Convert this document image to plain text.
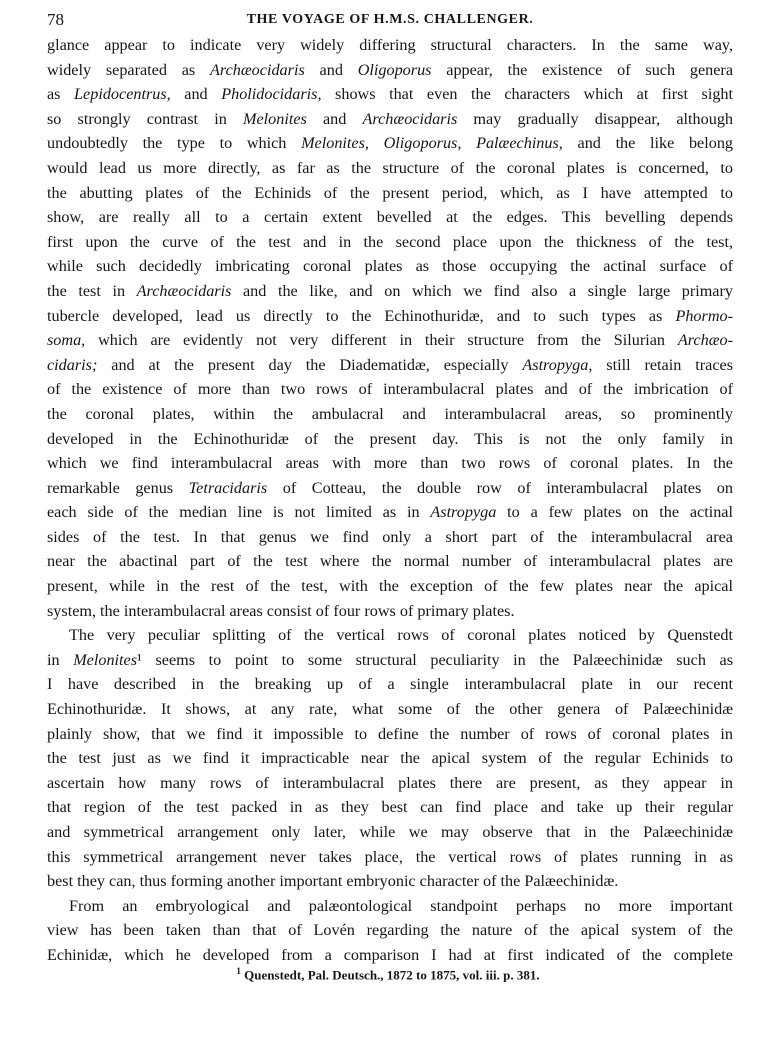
78	THE VOYAGE OF H.M.S. CHALLENGER.
glance appear to indicate very widely differing structural characters. In the same way,
widely separated as Archæocidaris and Oligoporus appear, the existence of such genera
as Lepidocentrus, and Pholidocidaris, shows that even the characters which at first sight
so strongly contrast in Melonites and Archæocidaris may gradually disappear, although
undoubtedly the type to which Melonites, Oligoporus, Palæechinus, and the like belong
would lead us more directly, as far as the structure of the coronal plates is concerned, to
the abutting plates of the Echinids of the present period, which, as I have attempted to
show, are really all to a certain extent bevelled at the edges. This bevelling depends
first upon the curve of the test and in the second place upon the thickness of the test,
while such decidedly imbricating coronal plates as those occupying the actinal surface of
the test in Archæocidaris and the like, and on which we find also a single large primary
tubercle developed, lead us directly to the Echinothuridæ, and to such types as Phormo-
soma, which are evidently not very different in their structure from the Silurian Archæo-
cidaris; and at the present day the Diadematidæ, especially Astropyga, still retain traces
of the existence of more than two rows of interambulacral plates and of the imbrication of
the coronal plates, within the ambulacral and interambulacral areas, so prominently
developed in the Echinothuridæ of the present day. This is not the only family in
which we find interambulacral areas with more than two rows of coronal plates. In the
remarkable genus Tetracidaris of Cotteau, the double row of interambulacral plates on
each side of the median line is not limited as in Astropyga to a few plates on the actinal
sides of the test. In that genus we find only a short part of the interambulacral area
near the abactinal part of the test where the normal number of interambulacral plates are
present, while in the rest of the test, with the exception of the few plates near the apical
system, the interambulacral areas consist of four rows of primary plates.
The very peculiar splitting of the vertical rows of coronal plates noticed by Quenstedt
in Melonites¹ seems to point to some structural peculiarity in the Palæechinidæ such as
I have described in the breaking up of a single interambulacral plate in our recent
Echinothuridæ. It shows, at any rate, what some of the other genera of Palæechinidæ
plainly show, that we find it impossible to define the number of rows of coronal plates in
the test just as we find it impracticable near the apical system of the regular Echinids to
ascertain how many rows of interambulacral plates there are present, as they appear in
that region of the test packed in as they best can find place and take up their regular
and symmetrical arrangement only later, while we may observe that in the Palæechinidæ
this symmetrical arrangement never takes place, the vertical rows of plates running in as
best they can, thus forming another important embryonic character of the Palæechinidæ.
From an embryological and palæontological standpoint perhaps no more important
view has been taken than that of Lovén regarding the nature of the apical system of the
Echinidæ, which he developed from a comparison I had at first indicated of the complete
$^1$ Quenstedt, Pal. Deutsch., 1872 to 1875, vol. iii. p. 381.
